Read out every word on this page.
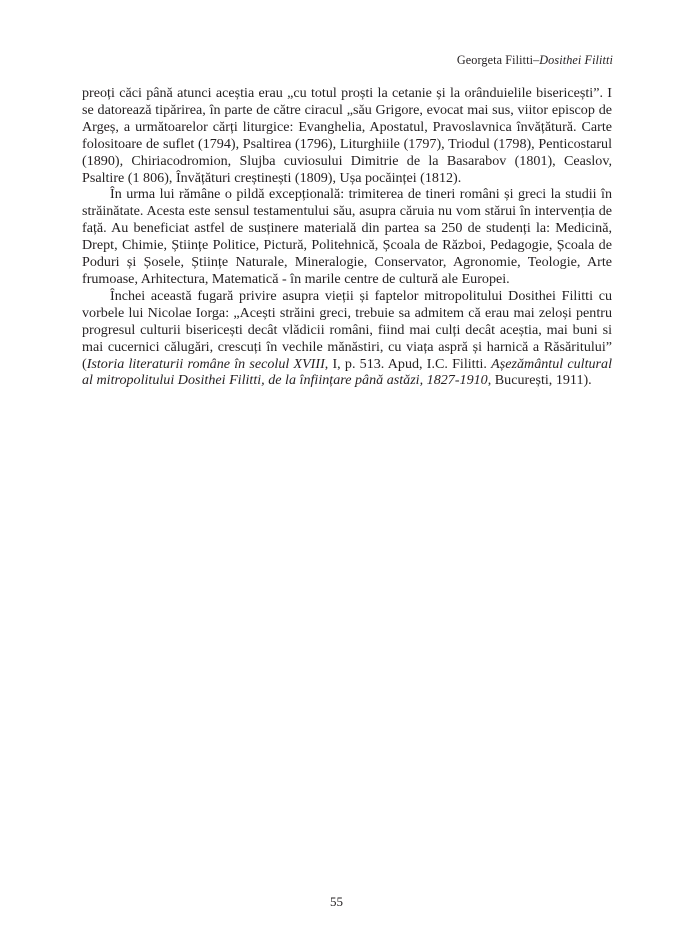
Georgeta Filitti–Dosithei Filitti

preoți căci până atunci aceștia erau „cu totul proști la cetanie și la orânduielile bisericești”. I se datorează tipărirea, în parte de către ciracul „său Grigore, evocat mai sus, viitor episcop de Argeș, a următoarelor cărți liturgice: Evanghelia, Apostatul, Pravoslavnica învățătură. Carte folositoare de suflet (1794), Psaltirea (1796), Liturghiile (1797), Triodul (1798), Penticostarul (1890), Chiriacodromion, Slujba cuviosului Dimitrie de la Basarabov (1801), Ceaslov, Psaltire (1 806), Învățături creștinești (1809), Ușa pocăinței (1812).

În urma lui rămâne o pildă excepțională: trimiterea de tineri români și greci la studii în străinătate. Acesta este sensul testamentului său, asupra căruia nu vom stărui în intervenția de față. Au beneficiat astfel de susținere materială din partea sa 250 de studenți la: Medicină, Drept, Chimie, Științe Politice, Pictură, Politehnică, Școala de Război, Pedagogie, Școala de Poduri și Șosele, Științe Naturale, Mineralogie, Conservator, Agronomie, Teologie, Arte frumoase, Arhitectura, Matematică - în marile centre de cultură ale Europei.

Închei această fugară privire asupra vieții și faptelor mitropolitului Dosithei Filitti cu vorbele lui Nicolae Iorga: „Acești străini greci, trebuie sa admitem că erau mai zeloși pentru progresul culturii bisericești decât vlădicii români, fiind mai culți decât aceștia, mai buni si mai cucernici călugări, crescuți în vechile mănăstiri, cu viața aspră și harnică a Răsăritului” (Istoria literaturii române în secolul XVIII, I, p. 513. Apud, I.C. Filitti. Așezământul cultural al mitropolitului Dosithei Filitti, de la înființare până astăzi, 1827-1910, București, 1911).

55
